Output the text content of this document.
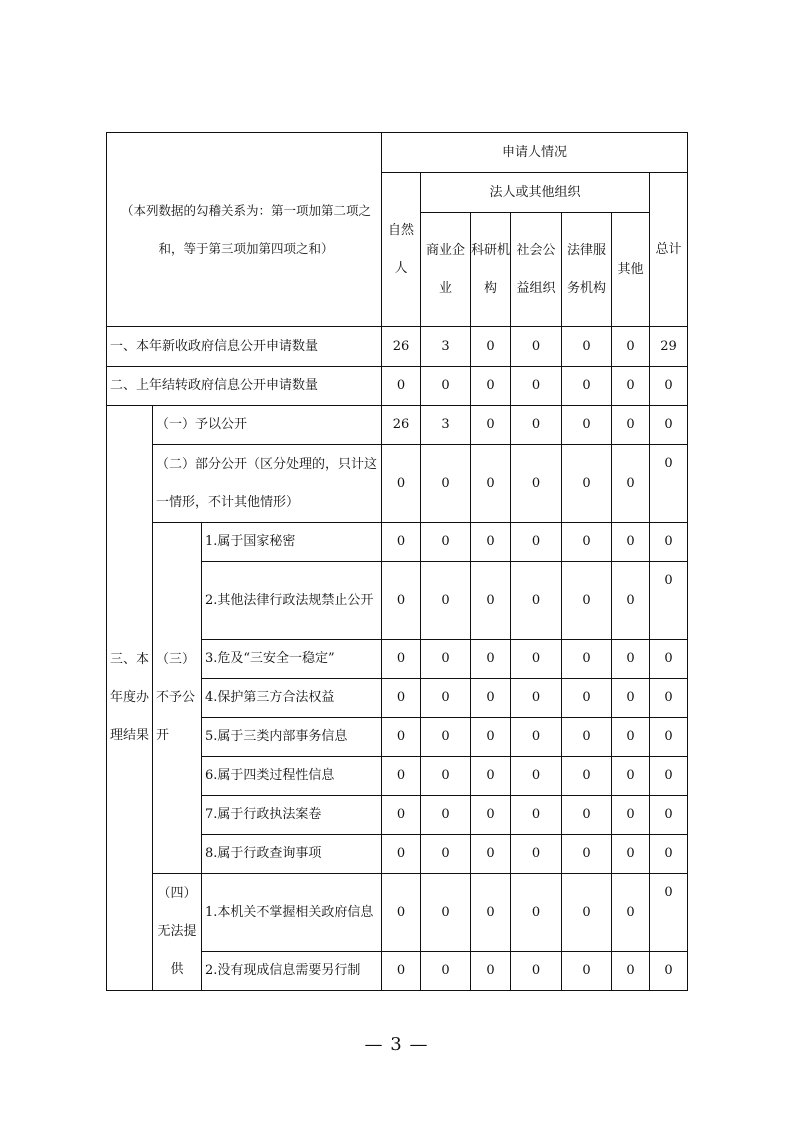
（本列数据的勾稽关系为：第一项加第二项之和，等于第三项加第四项之和）			申请人情况						
			自然人	法人或其他组织					总计
				商业企业	科研机构	社会公益组织	法律服务机构	其他	
一、本年新收政府信息公开申请数量			26	3	0	0	0	0	29
二、上年结转政府信息公开申请数量			0	0	0	0	0	0	0
三、本年度办理结果	（一）予以公开		26	3	0	0	0	0	0
	（二）部分公开（区分处理的，只计这一情形，不计其他情形）		0	0	0	0	0	0	0
	（三）不予公开	1.属于国家秘密	0	0	0	0	0	0	0
		2.其他法律行政法规禁止公开	0	0	0	0	0	0	0
		3.危及“三安全一稳定”	0	0	0	0	0	0	0
		4.保护第三方合法权益	0	0	0	0	0	0	0
		5.属于三类内部事务信息	0	0	0	0	0	0	0
		6.属于四类过程性信息	0	0	0	0	0	0	0
		7.属于行政执法案卷	0	0	0	0	0	0	0
		8.属于行政查询事项	0	0	0	0	0	0	0
	（四）无法提供	1.本机关不掌握相关政府信息	0	0	0	0	0	0	0
		2.没有现成信息需要另行制	0	0	0	0	0	0	0
— 3 —
